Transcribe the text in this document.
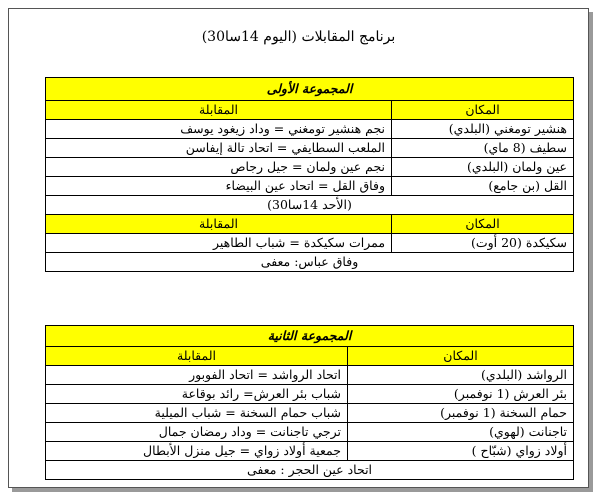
برنامج المقابلات (اليوم 14سا30)
المجموعة الأولى	
المكان	المقابلة
هنشير تومغني (البلدي)	نجم هنشير تومغني = وداد زيغود يوسف
سطيف (8 ماي)	الملعب السطايفي = اتحاد تالة إيفاسن
عين ولمان (البلدي)	نجم عين ولمان = جيل رجاص
القل (بن جامع)	وفاق القل = اتحاد عين البيضاء
(الأحد 14سا30)	
المكان	المقابلة
سكيكدة (20 أوت)	ممرات سكيكدة = شباب الطاهير
وفاق عباس: معفى	
المجموعة الثانية	
المكان	المقابلة
الرواشد (البلدي)	اتحاد الرواشد = اتحاد الفوبور
بئر العرش (1 نوفمبر)	شباب بئر العرش= رائد بوقاعة
حمام السخنة (1 نوفمبر)	شباب حمام السخنة = شباب الميلية
تاجنانت (لهوي)	ترجي تاجنانت = وداد رمضان جمال
أولاد زواي (شبّاح )	جمعية أولاد زواي = جيل منزل الأبطال
اتحاد عين الحجر : معفى	
